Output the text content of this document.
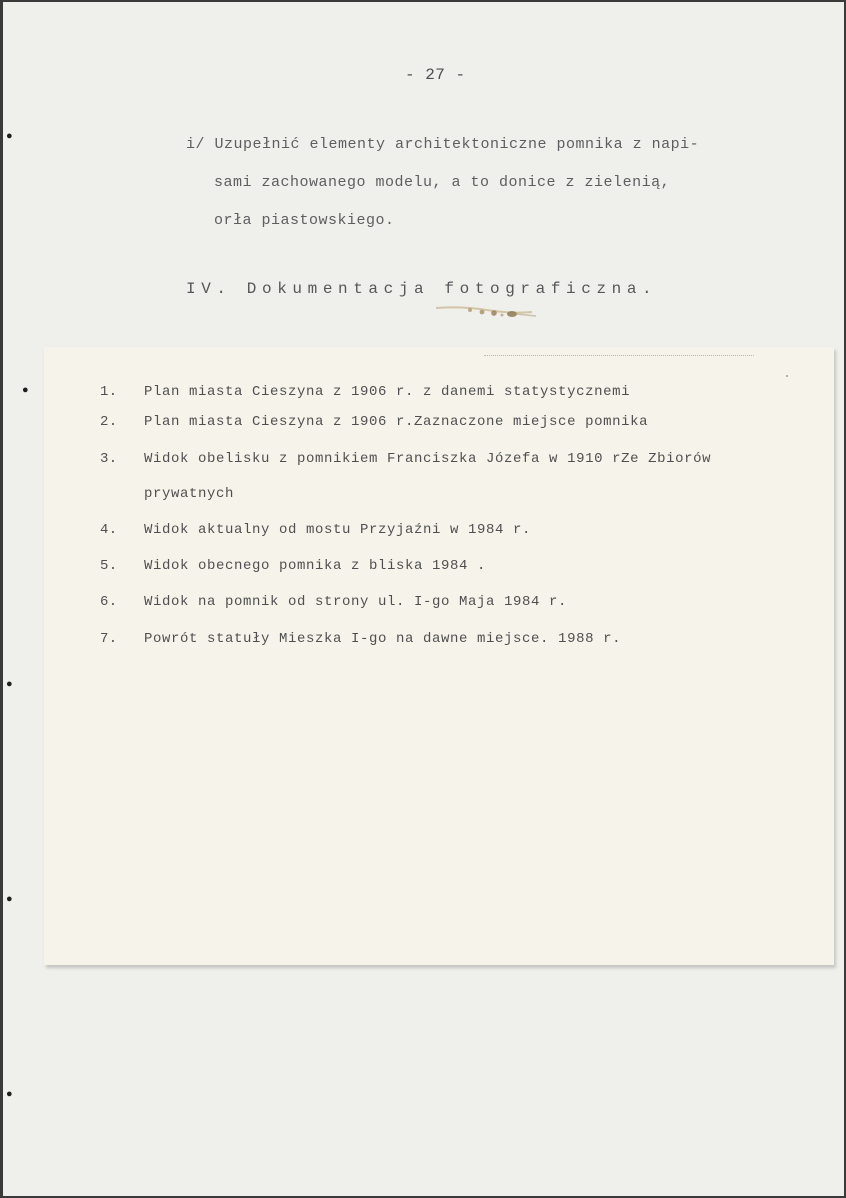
- 27 -
i/ Uzupełnić elementy architektoniczne pomnika z napi-
sami zachowanego modelu, a to donice z zielenią,
orła piastowskiego.
IV. Dokumentacja fotograficzna.
1. Plan miasta Cieszyna z 1906 r. z danemi statystycznemi
2. Plan miasta Cieszyna z 1906 r.Zaznaczone miejsce pomnika
3. Widok obelisku z pomnikiem Franciszka Józefa w 1910 rZe Zbiorów
prywatnych
4. Widok aktualny od mostu Przyjaźni w 1984 r.
5. Widok obecnego pomnika z bliska 1984 .
6. Widok na pomnik od strony ul. I-go Maja 1984 r.
7. Powrót statuły Mieszka I-go na dawne miejsce. 1988 r.
●
●
●
●
●
